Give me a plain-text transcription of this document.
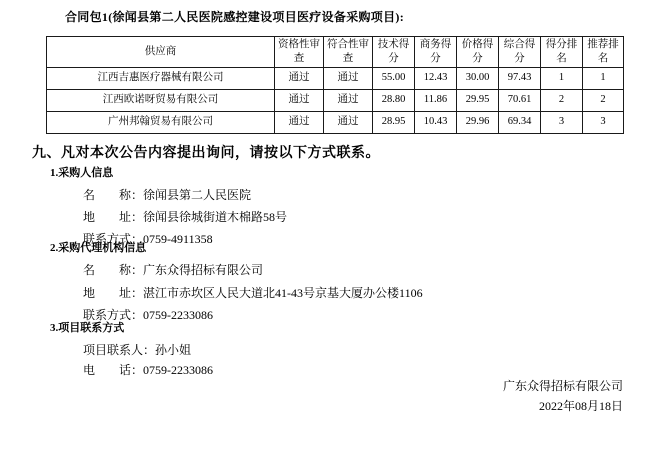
合同包1(徐闻县第二人民医院感控建设项目医疗设备采购项目):
供应商	资格性审查	符合性审查	技术得分	商务得分	价格得分	综合得分	得分排名	推荐排名
江西吉惠医疗器械有限公司	通过	通过	55.00	12.43	30.00	97.43	1	1
江西欧诺呀贸易有限公司	通过	通过	28.80	11.86	29.95	70.61	2	2
广州邦翰贸易有限公司	通过	通过	28.95	10.43	29.96	69.34	3	3
九、凡对本次公告内容提出询问，请按以下方式联系。
1.采购人信息
名　　称：徐闻县第二人民医院
地　　址：徐闻县徐城街道木棉路58号
联系方式：0759-4911358
2.采购代理机构信息
名　　称：广东众得招标有限公司
地　　址：湛江市赤坎区人民大道北41-43号京基大厦办公楼1106
联系方式：0759-2233086
3.项目联系方式
项目联系人：孙小姐
电　　话：0759-2233086
广东众得招标有限公司
2022年08月18日
